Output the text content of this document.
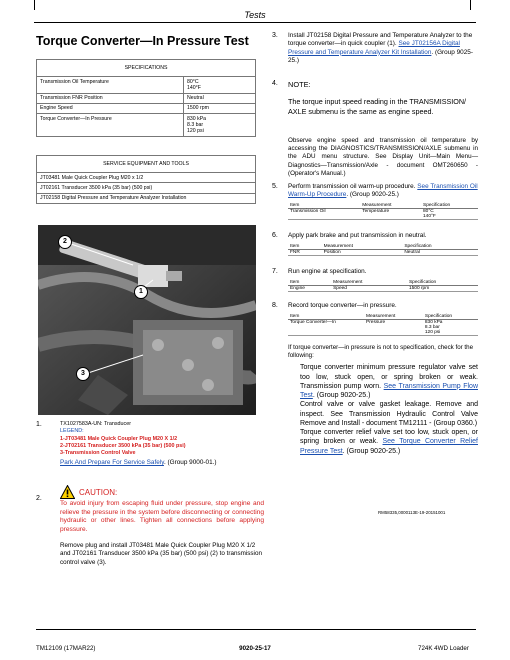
Tests
Torque Converter—In Pressure Test
SPECIFICATIONS	
Transmission Oil Temperature	80°C
140°F

Transmission FNR Position	Neutral
Engine Speed	1500 rpm
Torque Converter—In Pressure	830 kPa
8.3 bar
120 psi
SERVICE EQUIPMENT AND TOOLS
JT03481 Male Quick Coupler Plug M20 x 1/2
JT02161 Transducer 3500 kPa (35 bar) (500 psi)
JT02158 Digital Pressure and Temperature Analyzer Installation
2
1
3
1.	TX1027583A-UN: Transducer
LEGEND:
1-JT03481 Male Quick Coupler Plug M20 X 1/2
2-JT02161 Transducer 3500 kPa (35 bar) (500 psi)
3-Transmission Control Valve
Park And Prepare For Service Safely. (Group 9000-01.)
2.
CAUTION:
To avoid injury from escaping fluid under pressure, stop engine and relieve the pressure in the system before disconnecting or connecting hydraulic or other lines. Tighten all connections before applying pressure.
Remove plug and install JT03481 Male Quick Coupler Plug M20 X 1/2 and JT02161 Transducer 3500 kPa (35 bar) (500 psi) (2) to transmission control valve (3).
3. Install JT02158 Digital Pressure and Temperature Analyzer to the torque converter—in quick coupler (1). See JT02156A Digital Pressure and Temperature Analyzer Kit Installation. (Group 9025-25.)
4. NOTE:
The torque input speed reading in the TRANSMISSION/ AXLE submenu is the same as engine speed.
Observe engine speed and transmission oil temperature by accessing the DIAGNOSTICS/TRANSMISSION/AXLE submenu in the ADU menu structure. See Display Unit—Main Menu—Diagnostics—Transmission/Axle - document OMT260650 - (Operator's Manual.)
5. Perform transmission oil warm-up procedure. See Transmission Oil Warm-Up Procedure. (Group 9020-25.)
Item	Measurement	Specification
Transmission Oil	Temperature	80°C
140°F
6. Apply park brake and put transmission in neutral.
Item	Measurement	Specification
FNR	Position	Neutral
7. Run engine at specification.
Item	Measurement	Specification
Engine	Speed	1500 rpm
8. Record torque converter—in pressure.
Item	Measurement	Specification
Torque Converter—In	Pressure	830 kPa
8.3 bar
120 psi
If torque converter—in pressure is not to specification, check for the following:
Torque converter minimum pressure regulator valve set too low, stuck open, or spring broken or weak. Transmission pump worn. See Transmission Pump Flow Test. (Group 9020-25.)
Control valve or valve gasket leakage. Remove and inspect. See Transmission Hydraulic Control Valve Remove and Install - document TM12111 - (Group 0360.)
Torque converter relief valve set too low, stuck open, or spring broken or weak. See Torque Converter Relief Pressure Test. (Group 9020-25.)
RM58335,0000113E-19-20151001
TM12109 (17MAR22)	9020-25-17	724K 4WD Loader
